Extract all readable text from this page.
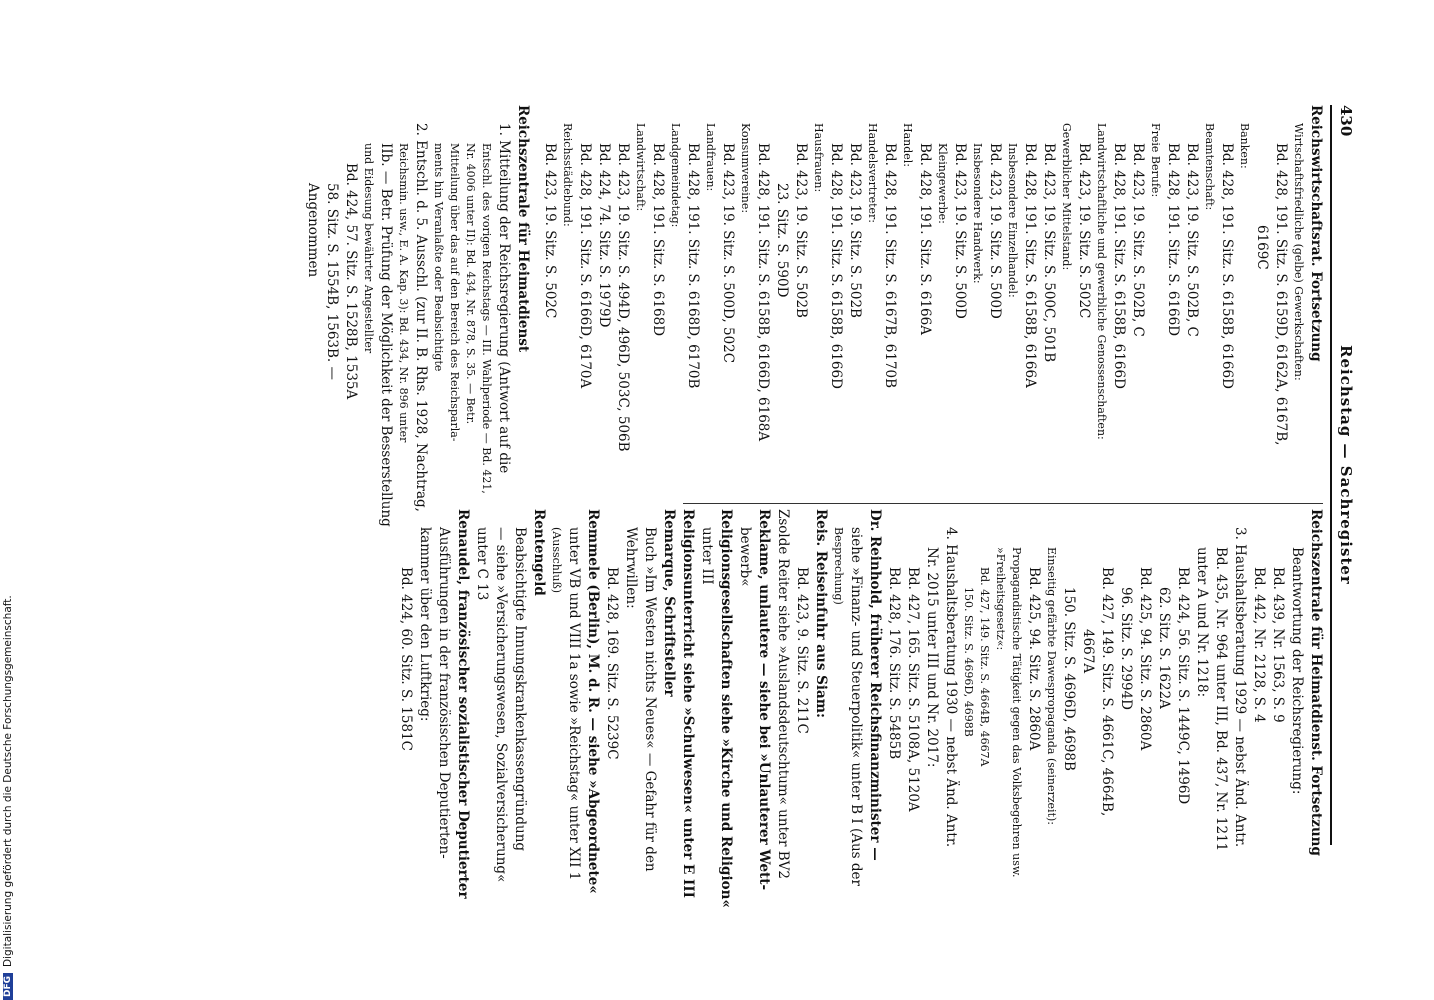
430
Reichstag — Sachregister
Reichswirtschaftsrat. Fortsetzung
Wirtschaftsfriedliche (gelbe) Gewerkschaften:
Bd. 428, 191. Sitz. S. 6159D, 6162A, 6167B,
6169C
Banken:
Bd. 428, 191. Sitz. S. 6158B, 6166D
Beamtenschaft:
Bd. 423, 19. Sitz. S. 502B, C
Bd. 428, 191. Sitz. S. 6166D
Freie Berufe:
Bd. 423, 19. Sitz. S. 502B, C
Bd. 428, 191. Sitz. S. 6158B, 6166D
Landwirtschaftliche und gewerbliche Genossenschaften:
Bd. 423, 19. Sitz. S. 502C
Gewerblicher Mittelstand:
Bd. 423, 19. Sitz. S. 500C, 501B
Bd. 428, 191. Sitz. S. 6158B, 6166A
Insbesondere Einzelhandel:
Bd. 423, 19. Sitz. S. 500D
Insbesondere Handwerk:
Bd. 423, 19. Sitz. S. 500D
Kleingewerbe:
Bd. 428, 191. Sitz. S. 6166A
Handel:
Bd. 428, 191. Sitz. S. 6167B, 6170B
Handelsvertreter:
Bd. 423, 19. Sitz. S. 502B
Bd. 428, 191. Sitz. S. 6158B, 6166D
Hausfrauen:
Bd. 423, 19. Sitz. S. 502B
23. Sitz. S. 590D
Bd. 428, 191. Sitz. S. 6158B, 6166D, 6168A
Konsumvereine:
Bd. 423, 19. Sitz. S. 500D, 502C
Landfrauen:
Bd. 428, 191. Sitz. S. 6168D, 6170B
Landgemeindetag:
Bd. 428, 191. Sitz. S. 6168D
Landwirtschaft:
Bd. 423, 19. Sitz. S. 494D, 496D, 503C, 506B
Bd. 424, 74. Sitz. S. 1979D
Bd. 428, 191. Sitz. S. 6166D, 6170A
Reichsstädtebund:
Bd. 423, 19. Sitz. S. 502C
Reichszentrale für Heimatdienst
1. Mitteilung der Reichsregierung (Antwort auf die
Entschl. des vorigen Reichstags — III. Wahlperiode — Bd. 421,
Nr. 4006 unter II): Bd. 434, Nr. 878, S. 35. — Betr.
Mitteilung über das auf den Bereich des Reichsparla-
ments hin Veranlaßte oder Beabsichtigte
2. Entschl. d. 5. Ausschl. (zur II. B. Rhs. 1928, Nachtrag,
Reichsmin. usw., E. A. Kap. 3): Bd. 434, Nr. 896 unter
IIb. — Betr. Prüfung der Möglichkeit der Besserstellung
und Eidesung bewährter Angestellter
Bd. 424, 57. Sitz. S. 1528B, 1535A
58. Sitz. S. 1554B, 1563B. —
Angenommen
Reichszentrale für Heimatdienst. Fortsetzung
Beantwortung der Reichsregierung:
Bd. 439, Nr. 1563, S. 9
Bd. 442, Nr. 2128, S. 4
3. Haushaltsberatung 1929 — nebst Änd. Antr.
Bd. 435, Nr. 964 unter III, Bd. 437, Nr. 1211
unter A und Nr. 1218:
Bd. 424, 56. Sitz. S. 1449C, 1496D
62. Sitz. S. 1622A
Bd. 425, 94. Sitz. S. 2860A
96. Sitz. S. 2994D
Bd. 427, 149. Sitz. S. 4661C, 4664B,
4667A
150. Sitz. S. 4696D, 4698B
Einseitig gefärbte Dawespropaganda (seinerzeit):
Bd. 425, 94. Sitz. S. 2860A
Propagandistische Tätigkeit gegen das Volksbegehren usw.
»Freiheitsgesetz«:
Bd. 427, 149. Sitz. S. 4664B, 4667A
150. Sitz. S. 4696D, 4698B
4. Haushaltsberatung 1930 — nebst Änd. Antr.
Nr. 2015 unter III und Nr. 2017:
Bd. 427, 165. Sitz. S. 5108A, 5120A
Bd. 428, 176. Sitz. S. 5485B
Dr. Reinhold, früherer Reichsfinanzminister —
siehe »Finanz- und Steuerpolitik« unter B I (Aus der
Besprechung)
Reis. Reiseinfuhr aus Siam:
Bd. 423, 9. Sitz. S. 211C
Zsolde Reiter siehe »Auslandsdeutschtum« unter BV2
Reklame, unlautere — siehe bei »Unlauterer Wett-
bewerb«
Religionsgesellschaften siehe »Kirche und Religion«
unter III
Religionsunterricht siehe »Schulwesen« unter E III
Remarque, Schriftsteller
Buch »Im Westen nichts Neues« — Gefahr für den
Wehrwillen:
Bd. 428, 169. Sitz. S. 5239C
Remmele (Berlin), M. d. R. — siehe »Abgeordnete«
unter VB und VIII 1a sowie »Reichstag« unter XII 1
(Ausschluß)
Rentengeld
Beabsichtigte Innungskrankenkassengründung
— siehe »Versicherungswesen, Sozialversicherung«
unter C 13
Renaudel, französischer sozialistischer Deputierter
Ausführungen in der französischen Deputierten-
kammer über den Luftkrieg:
Bd. 424, 60. Sitz. S. 1581C
DFGDigitalisierung gefördert durch die Deutsche Forschungsgemeinschaft.
